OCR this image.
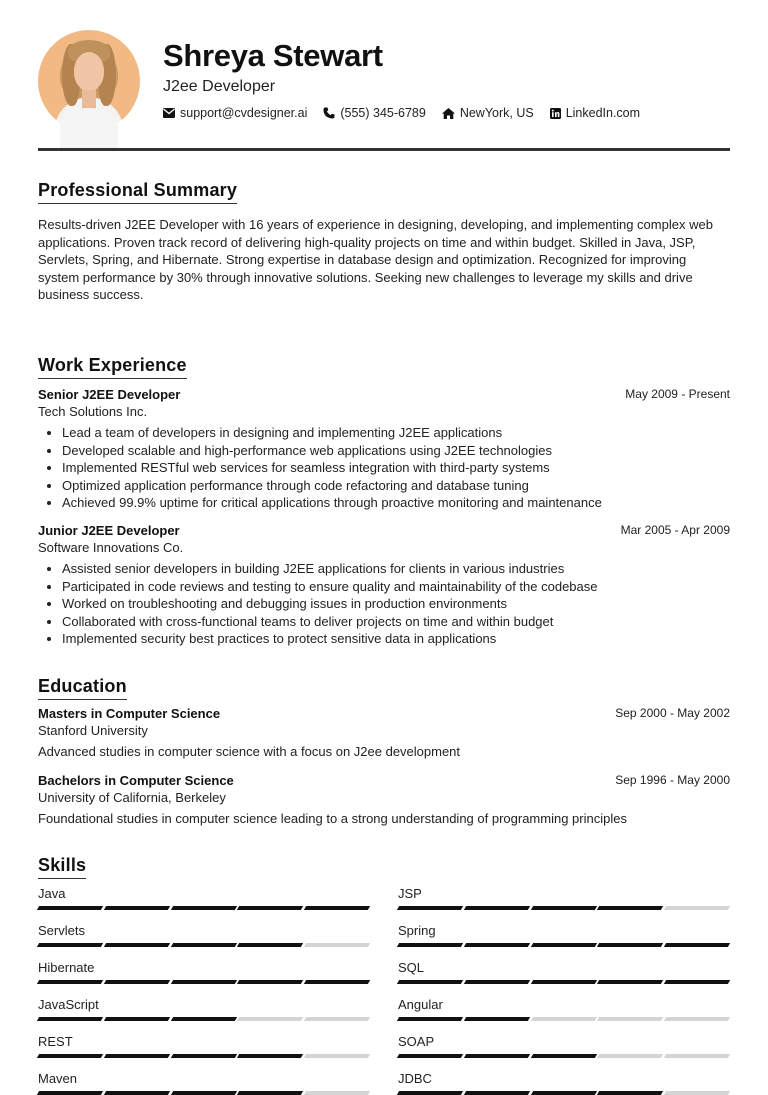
Shreya Stewart
J2ee Developer
support@cvdesigner.ai	(555) 345-6789	NewYork, US	LinkedIn.com
Professional Summary
Results-driven J2EE Developer with 16 years of experience in designing, developing, and implementing complex web applications. Proven track record of delivering high-quality projects on time and within budget. Skilled in Java, JSP, Servlets, Spring, and Hibernate. Strong expertise in database design and optimization. Recognized for improving system performance by 30% through innovative solutions. Seeking new challenges to leverage my skills and drive business success.
Work Experience
Senior J2EE Developer	May 2009 - Present
Tech Solutions Inc.
• Lead a team of developers in designing and implementing J2EE applications
• Developed scalable and high-performance web applications using J2EE technologies
• Implemented RESTful web services for seamless integration with third-party systems
• Optimized application performance through code refactoring and database tuning
• Achieved 99.9% uptime for critical applications through proactive monitoring and maintenance
Junior J2EE Developer	Mar 2005 - Apr 2009
Software Innovations Co.
• Assisted senior developers in building J2EE applications for clients in various industries
• Participated in code reviews and testing to ensure quality and maintainability of the codebase
• Worked on troubleshooting and debugging issues in production environments
• Collaborated with cross-functional teams to deliver projects on time and within budget
• Implemented security best practices to protect sensitive data in applications
Education
Masters in Computer Science	Sep 2000 - May 2002
Stanford University
Advanced studies in computer science with a focus on J2ee development
Bachelors in Computer Science	Sep 1996 - May 2000
University of California, Berkeley
Foundational studies in computer science leading to a strong understanding of programming principles
Skills
Java	JSP
Servlets	Spring
Hibernate	SQL
JavaScript	Angular
REST	SOAP
Maven	JDBC
